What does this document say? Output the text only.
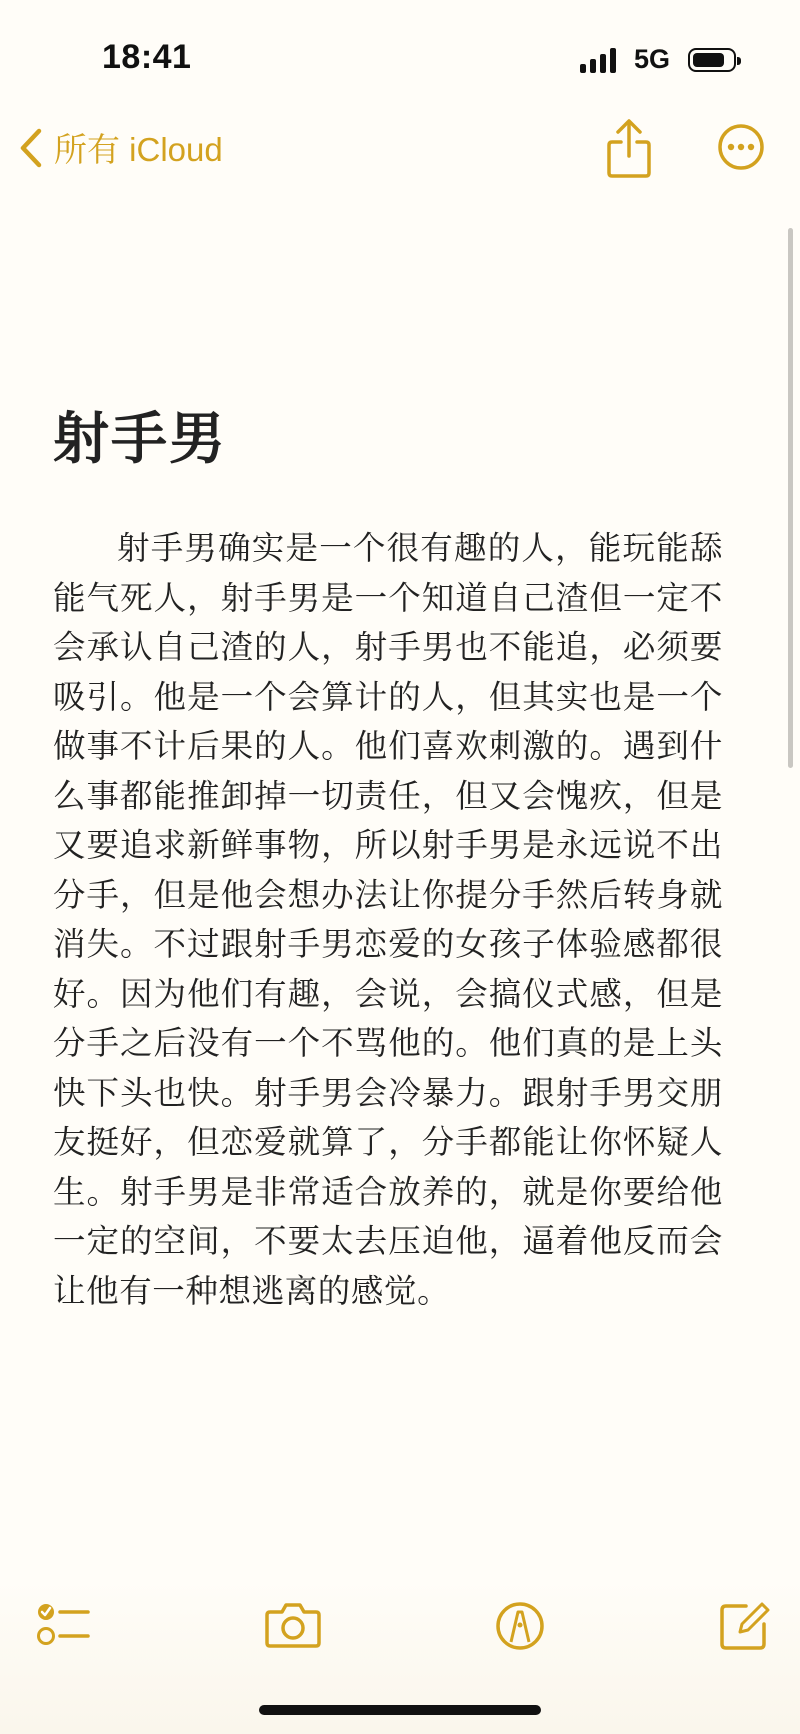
18:41	5G
所有 iCloud
射手男

射手男确实是一个很有趣的人，能玩能舔能气死人，射手男是一个知道自己渣但一定不会承认自己渣的人，射手男也不能追，必须要吸引。他是一个会算计的人，但其实也是一个做事不计后果的人。他们喜欢刺激的。遇到什么事都能推卸掉一切责任，但又会愧疚，但是又要追求新鲜事物，所以射手男是永远说不出分手，但是他会想办法让你提分手然后转身就消失。不过跟射手男恋爱的女孩子体验感都很好。因为他们有趣，会说，会搞仪式感，但是分手之后没有一个不骂他的。他们真的是上头快下头也快。射手男会冷暴力。跟射手男交朋友挺好，但恋爱就算了，分手都能让你怀疑人生。射手男是非常适合放养的，就是你要给他一定的空间，不要太去压迫他，逼着他反而会让他有一种想逃离的感觉。
